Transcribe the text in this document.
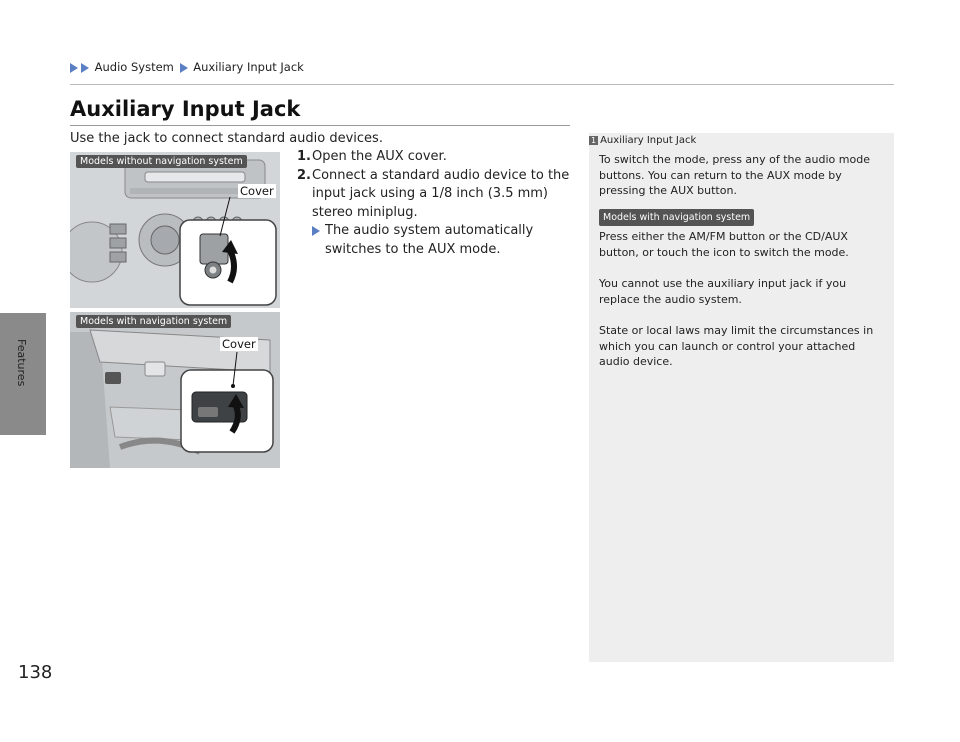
Audio System Auxiliary Input Jack
Auxiliary Input Jack
Use the jack to connect standard audio devices.
Features
138
Models without navigation system
Cover
Models with navigation system
Cover
1. Open the AUX cover.
2. Connect a standard audio device to the input jack using a 1/8 inch (3.5 mm) stereo miniplug.
The audio system automatically switches to the AUX mode.
1 Auxiliary Input Jack

To switch the mode, press any of the audio mode buttons. You can return to the AUX mode by pressing the AUX button.

Models with navigation system

Press either the AM/FM button or the CD/AUX button, or touch the icon to switch the mode.

You cannot use the auxiliary input jack if you replace the audio system.

State or local laws may limit the circumstances in which you can launch or control your attached audio device.
